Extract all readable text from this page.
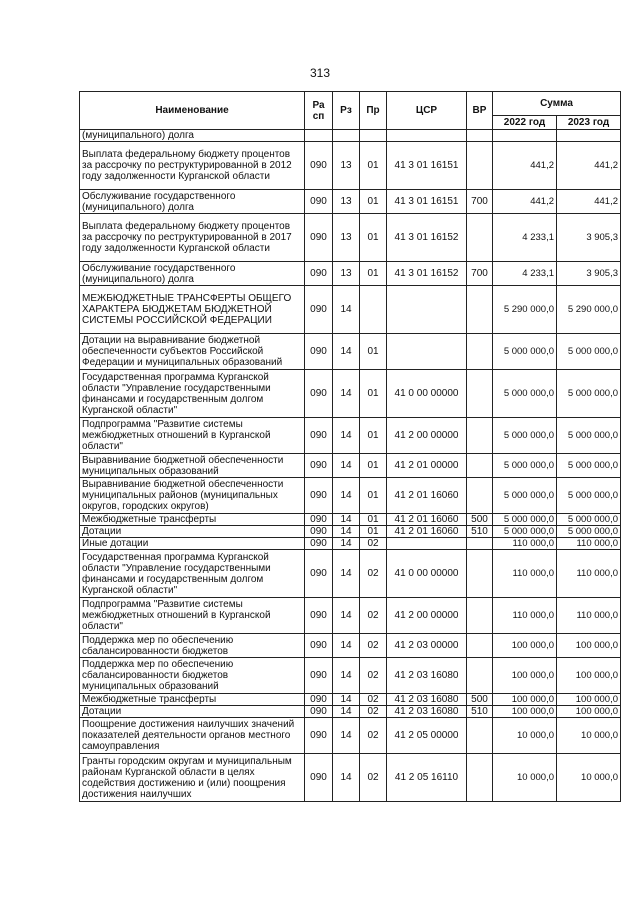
313
Наименование	Ра сп	Рз	Пр	ЦСР	ВР	Сумма	
						2022 год	2023 год
(муниципального) долга							
Выплата федеральному бюджету процентов за рассрочку по реструктурированной в 2012 году задолженности Курганской области	090	13	01	41 3 01 16151		441,2	441,2
Обслуживание государственного (муниципального) долга	090	13	01	41 3 01 16151	700	441,2	441,2
Выплата федеральному бюджету процентов за рассрочку по реструктурированной в 2017 году задолженности Курганской области	090	13	01	41 3 01 16152		4 233,1	3 905,3
Обслуживание государственного (муниципального) долга	090	13	01	41 3 01 16152	700	4 233,1	3 905,3
МЕЖБЮДЖЕТНЫЕ ТРАНСФЕРТЫ ОБЩЕГО ХАРАКТЕРА БЮДЖЕТАМ БЮДЖЕТНОЙ СИСТЕМЫ РОССИЙСКОЙ ФЕДЕРАЦИИ	090	14				5 290 000,0	5 290 000,0
Дотации на выравнивание бюджетной обеспеченности субъектов Российской Федерации и муниципальных образований	090	14	01			5 000 000,0	5 000 000,0
Государственная программа Курганской области "Управление государственными финансами и государственным долгом Курганской области"	090	14	01	41 0 00 00000		5 000 000,0	5 000 000,0
Подпрограмма "Развитие системы межбюджетных отношений в Курганской области"	090	14	01	41 2 00 00000		5 000 000,0	5 000 000,0
Выравнивание бюджетной обеспеченности муниципальных образований	090	14	01	41 2 01 00000		5 000 000,0	5 000 000,0
Выравнивание бюджетной обеспеченности муниципальных районов (муниципальных округов, городских округов)	090	14	01	41 2 01 16060		5 000 000,0	5 000 000,0
Межбюджетные трансферты	090	14	01	41 2 01 16060	500	5 000 000,0	5 000 000,0
Дотации	090	14	01	41 2 01 16060	510	5 000 000,0	5 000 000,0
Иные дотации	090	14	02			110 000,0	110 000,0
Государственная программа Курганской области "Управление государственными финансами и государственным долгом Курганской области"	090	14	02	41 0 00 00000		110 000,0	110 000,0
Подпрограмма "Развитие системы межбюджетных отношений в Курганской области"	090	14	02	41 2 00 00000		110 000,0	110 000,0
Поддержка мер по обеспечению сбалансированности бюджетов	090	14	02	41 2 03 00000		100 000,0	100 000,0
Поддержка мер по обеспечению сбалансированности бюджетов муниципальных образований	090	14	02	41 2 03 16080		100 000,0	100 000,0
Межбюджетные трансферты	090	14	02	41 2 03 16080	500	100 000,0	100 000,0
Дотации	090	14	02	41 2 03 16080	510	100 000,0	100 000,0
Поощрение достижения наилучших значений показателей деятельности органов местного самоуправления	090	14	02	41 2 05 00000		10 000,0	10 000,0
Гранты городским округам и муниципальным районам Курганской области в целях содействия достижению и (или) поощрения достижения наилучших	090	14	02	41 2 05 16110		10 000,0	10 000,0
